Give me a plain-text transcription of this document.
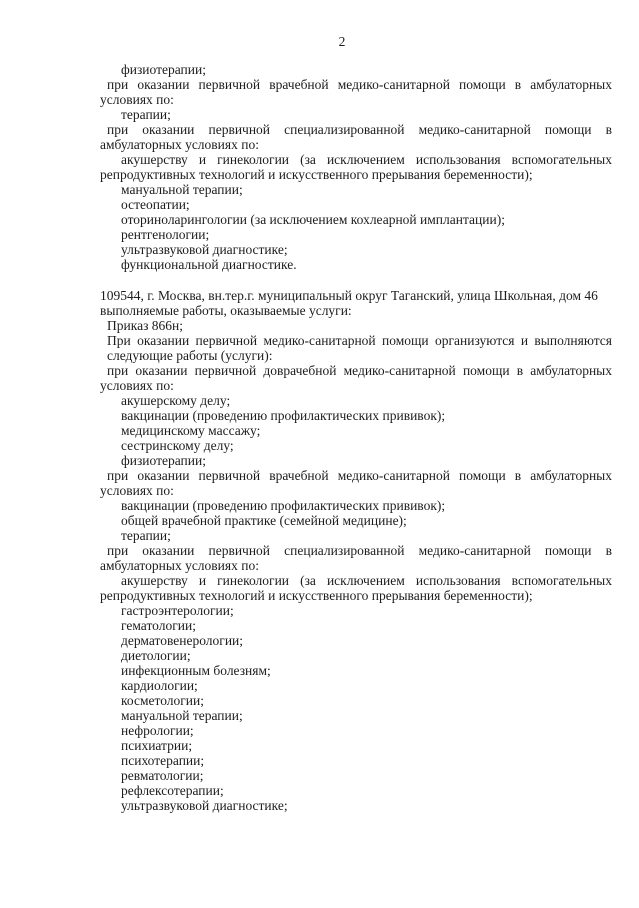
2
физиотерапии;
при оказании первичной врачебной медико-санитарной помощи в амбулаторных
условиях по:
терапии;
при оказании первичной специализированной медико-санитарной помощи в
амбулаторных условиях по:
акушерству и гинекологии (за исключением использования вспомогательных
репродуктивных технологий и искусственного прерывания беременности);
мануальной терапии;
остеопатии;
оториноларингологии (за исключением кохлеарной имплантации);
рентгенологии;
ультразвуковой диагностике;
функциональной диагностике.
109544, г. Москва, вн.тер.г. муниципальный округ Таганский, улица Школьная, дом 46
выполняемые работы, оказываемые услуги:
Приказ 866н;
При оказании первичной медико-санитарной помощи организуются и выполняются
следующие работы (услуги):
при оказании первичной доврачебной медико-санитарной помощи в амбулаторных
условиях по:
акушерскому делу;
вакцинации (проведению профилактических прививок);
медицинскому массажу;
сестринскому делу;
физиотерапии;
при оказании первичной врачебной медико-санитарной помощи в амбулаторных
условиях по:
вакцинации (проведению профилактических прививок);
общей врачебной практике (семейной медицине);
терапии;
при оказании первичной специализированной медико-санитарной помощи в
амбулаторных условиях по:
акушерству и гинекологии (за исключением использования вспомогательных
репродуктивных технологий и искусственного прерывания беременности);
гастроэнтерологии;
гематологии;
дерматовенерологии;
диетологии;
инфекционным болезням;
кардиологии;
косметологии;
мануальной терапии;
нефрологии;
психиатрии;
психотерапии;
ревматологии;
рефлексотерапии;
ультразвуковой диагностике;
